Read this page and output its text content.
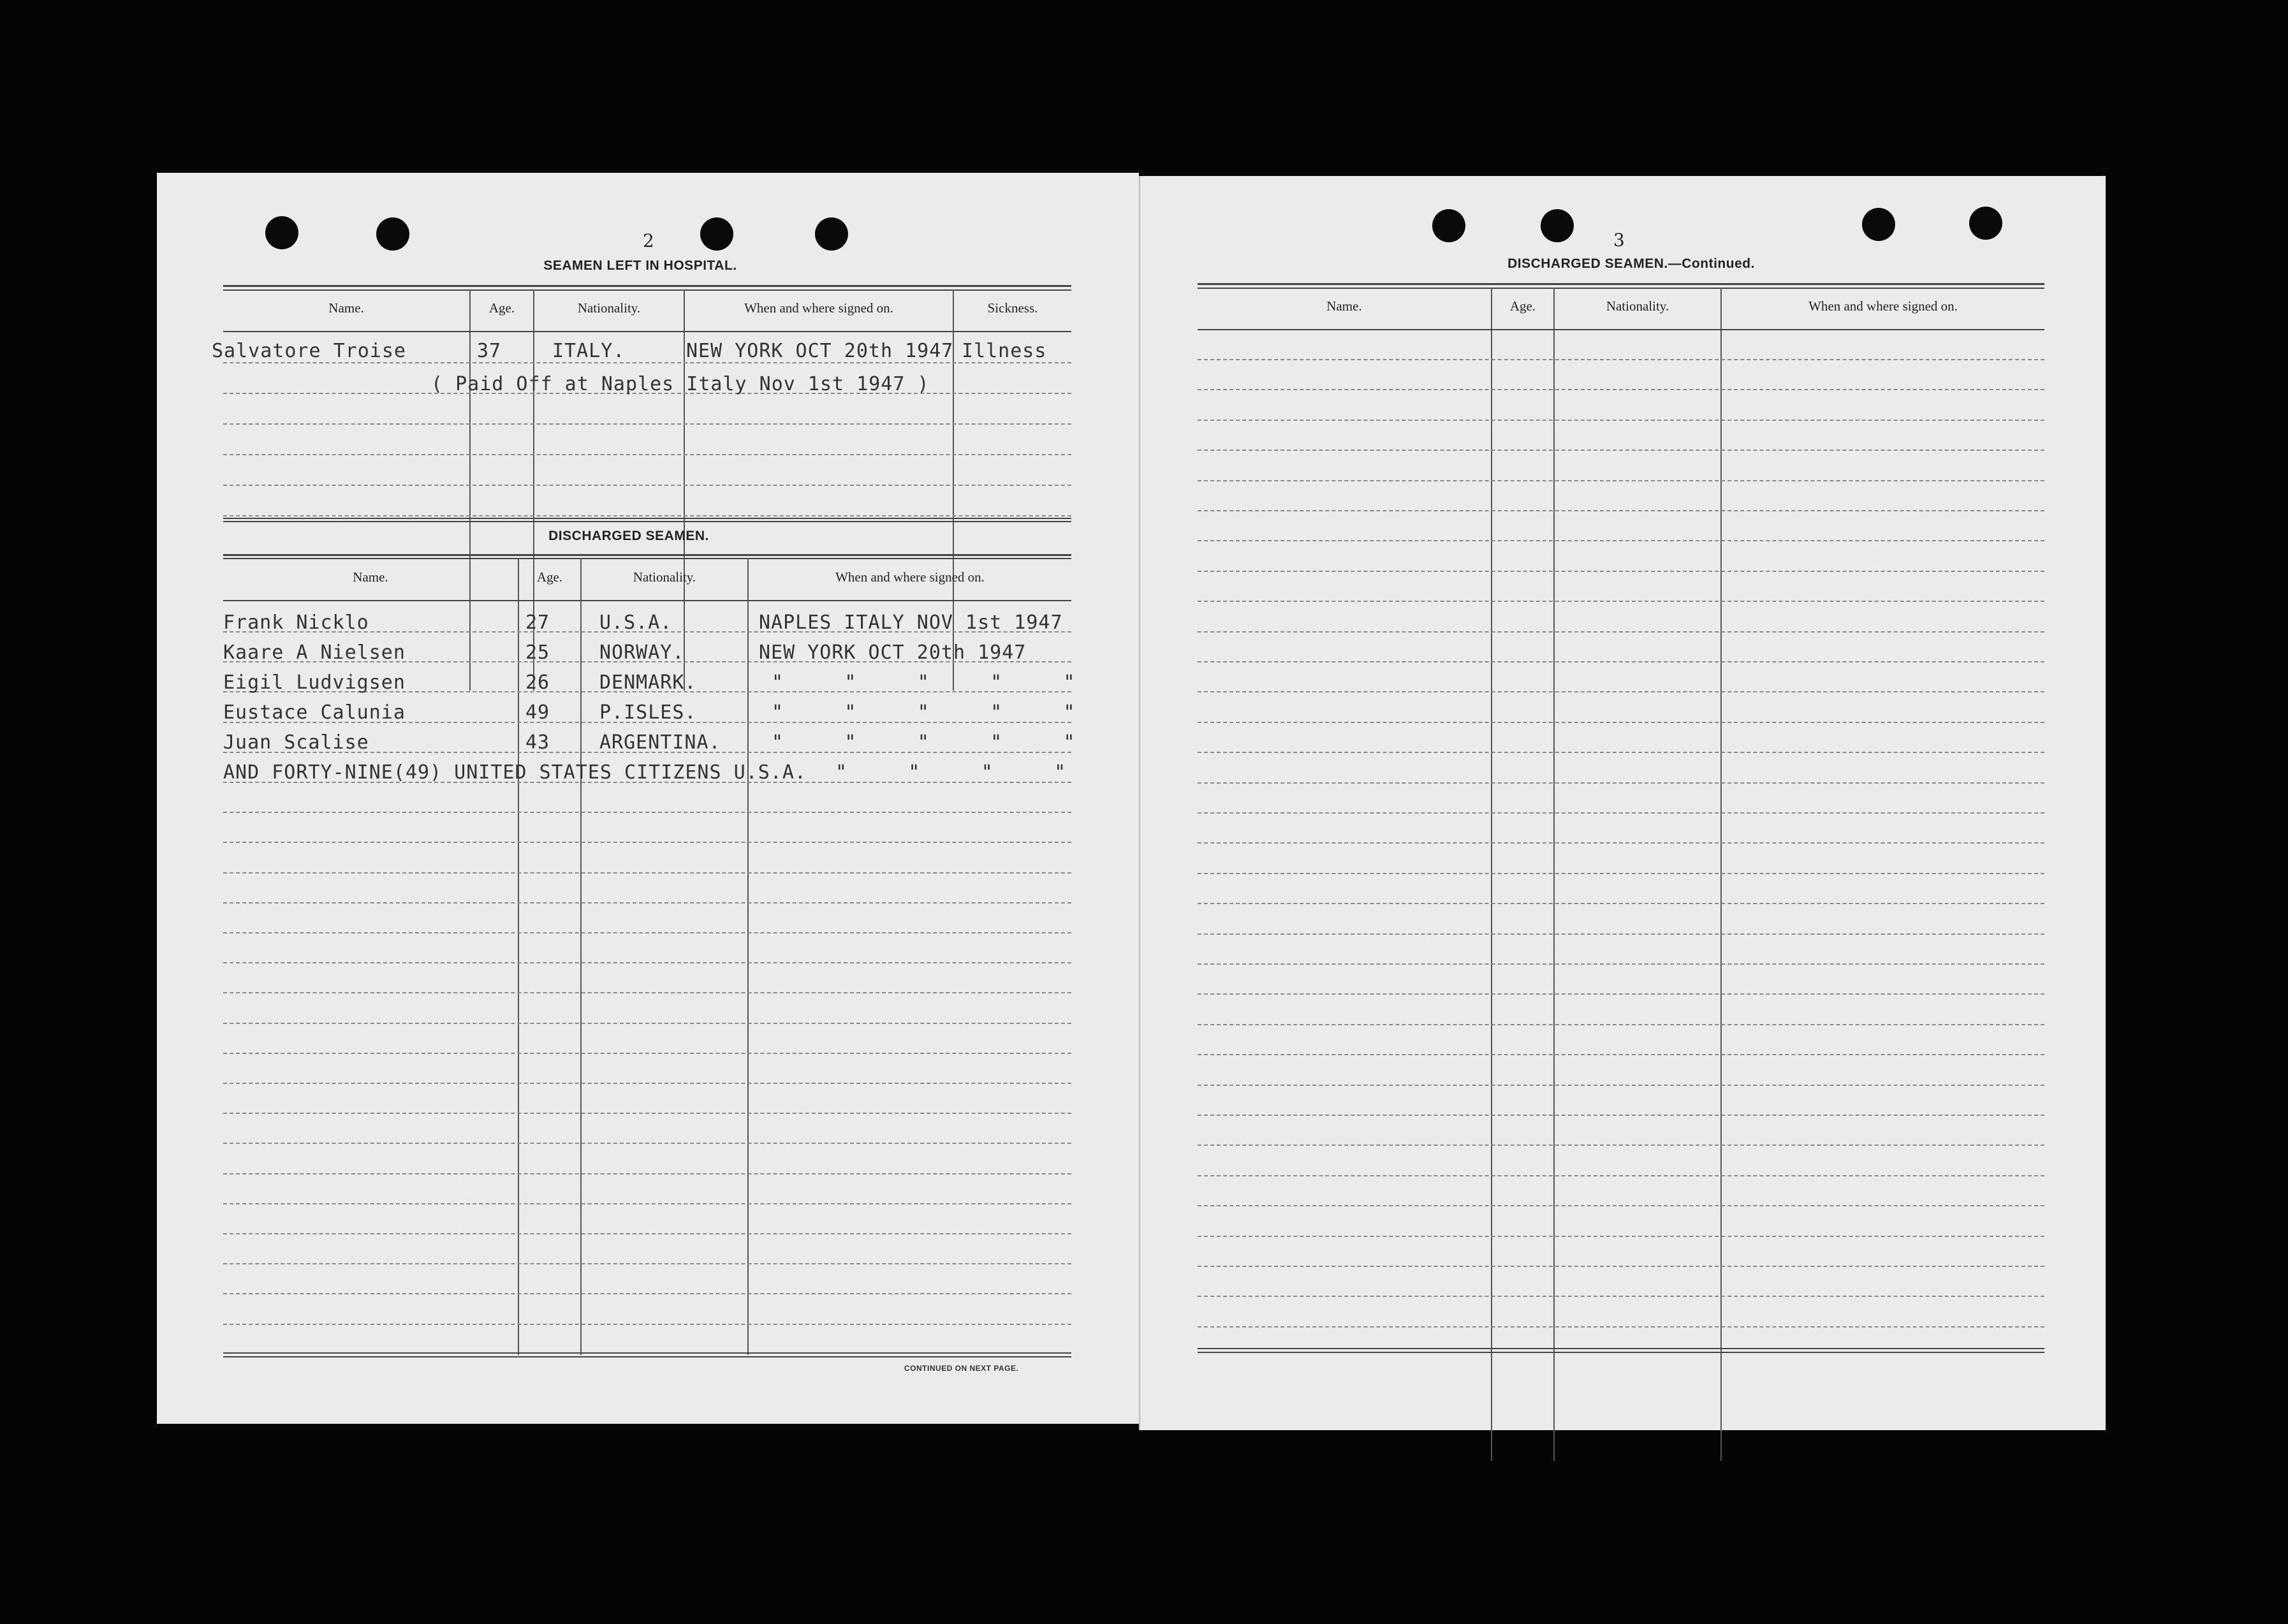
2
SEAMEN LEFT IN HOSPITAL.
Name.	Age.	Nationality.	When and where signed on.	Sickness.
Salvatore Troise	37	ITALY.	NEW YORK OCT 20th 1947 Illness
( Paid Off at Naples Italy Nov 1st 1947 )
DISCHARGED SEAMEN.
Name.	Age.	Nationality.	When and where signed on.
Frank Nicklo	27	U.S.A.	NAPLES ITALY NOV 1st 1947
Kaare A Nielsen	25	NORWAY.	NEW YORK OCT 20th 1947
Eigil Ludvigsen	26	DENMARK.	"     "     "     "     "
Eustace Calunia	49	P.ISLES.	"     "     "     "     "
Juan Scalise	43	ARGENTINA.	"     "     "     "     "
AND FORTY-NINE(49) UNITED STATES CITIZENS U.S.A. "     "     "     "
CONTINUED ON NEXT PAGE.
3
DISCHARGED SEAMEN.—Continued.
Name.	Age.	Nationality.	When and where signed on.
